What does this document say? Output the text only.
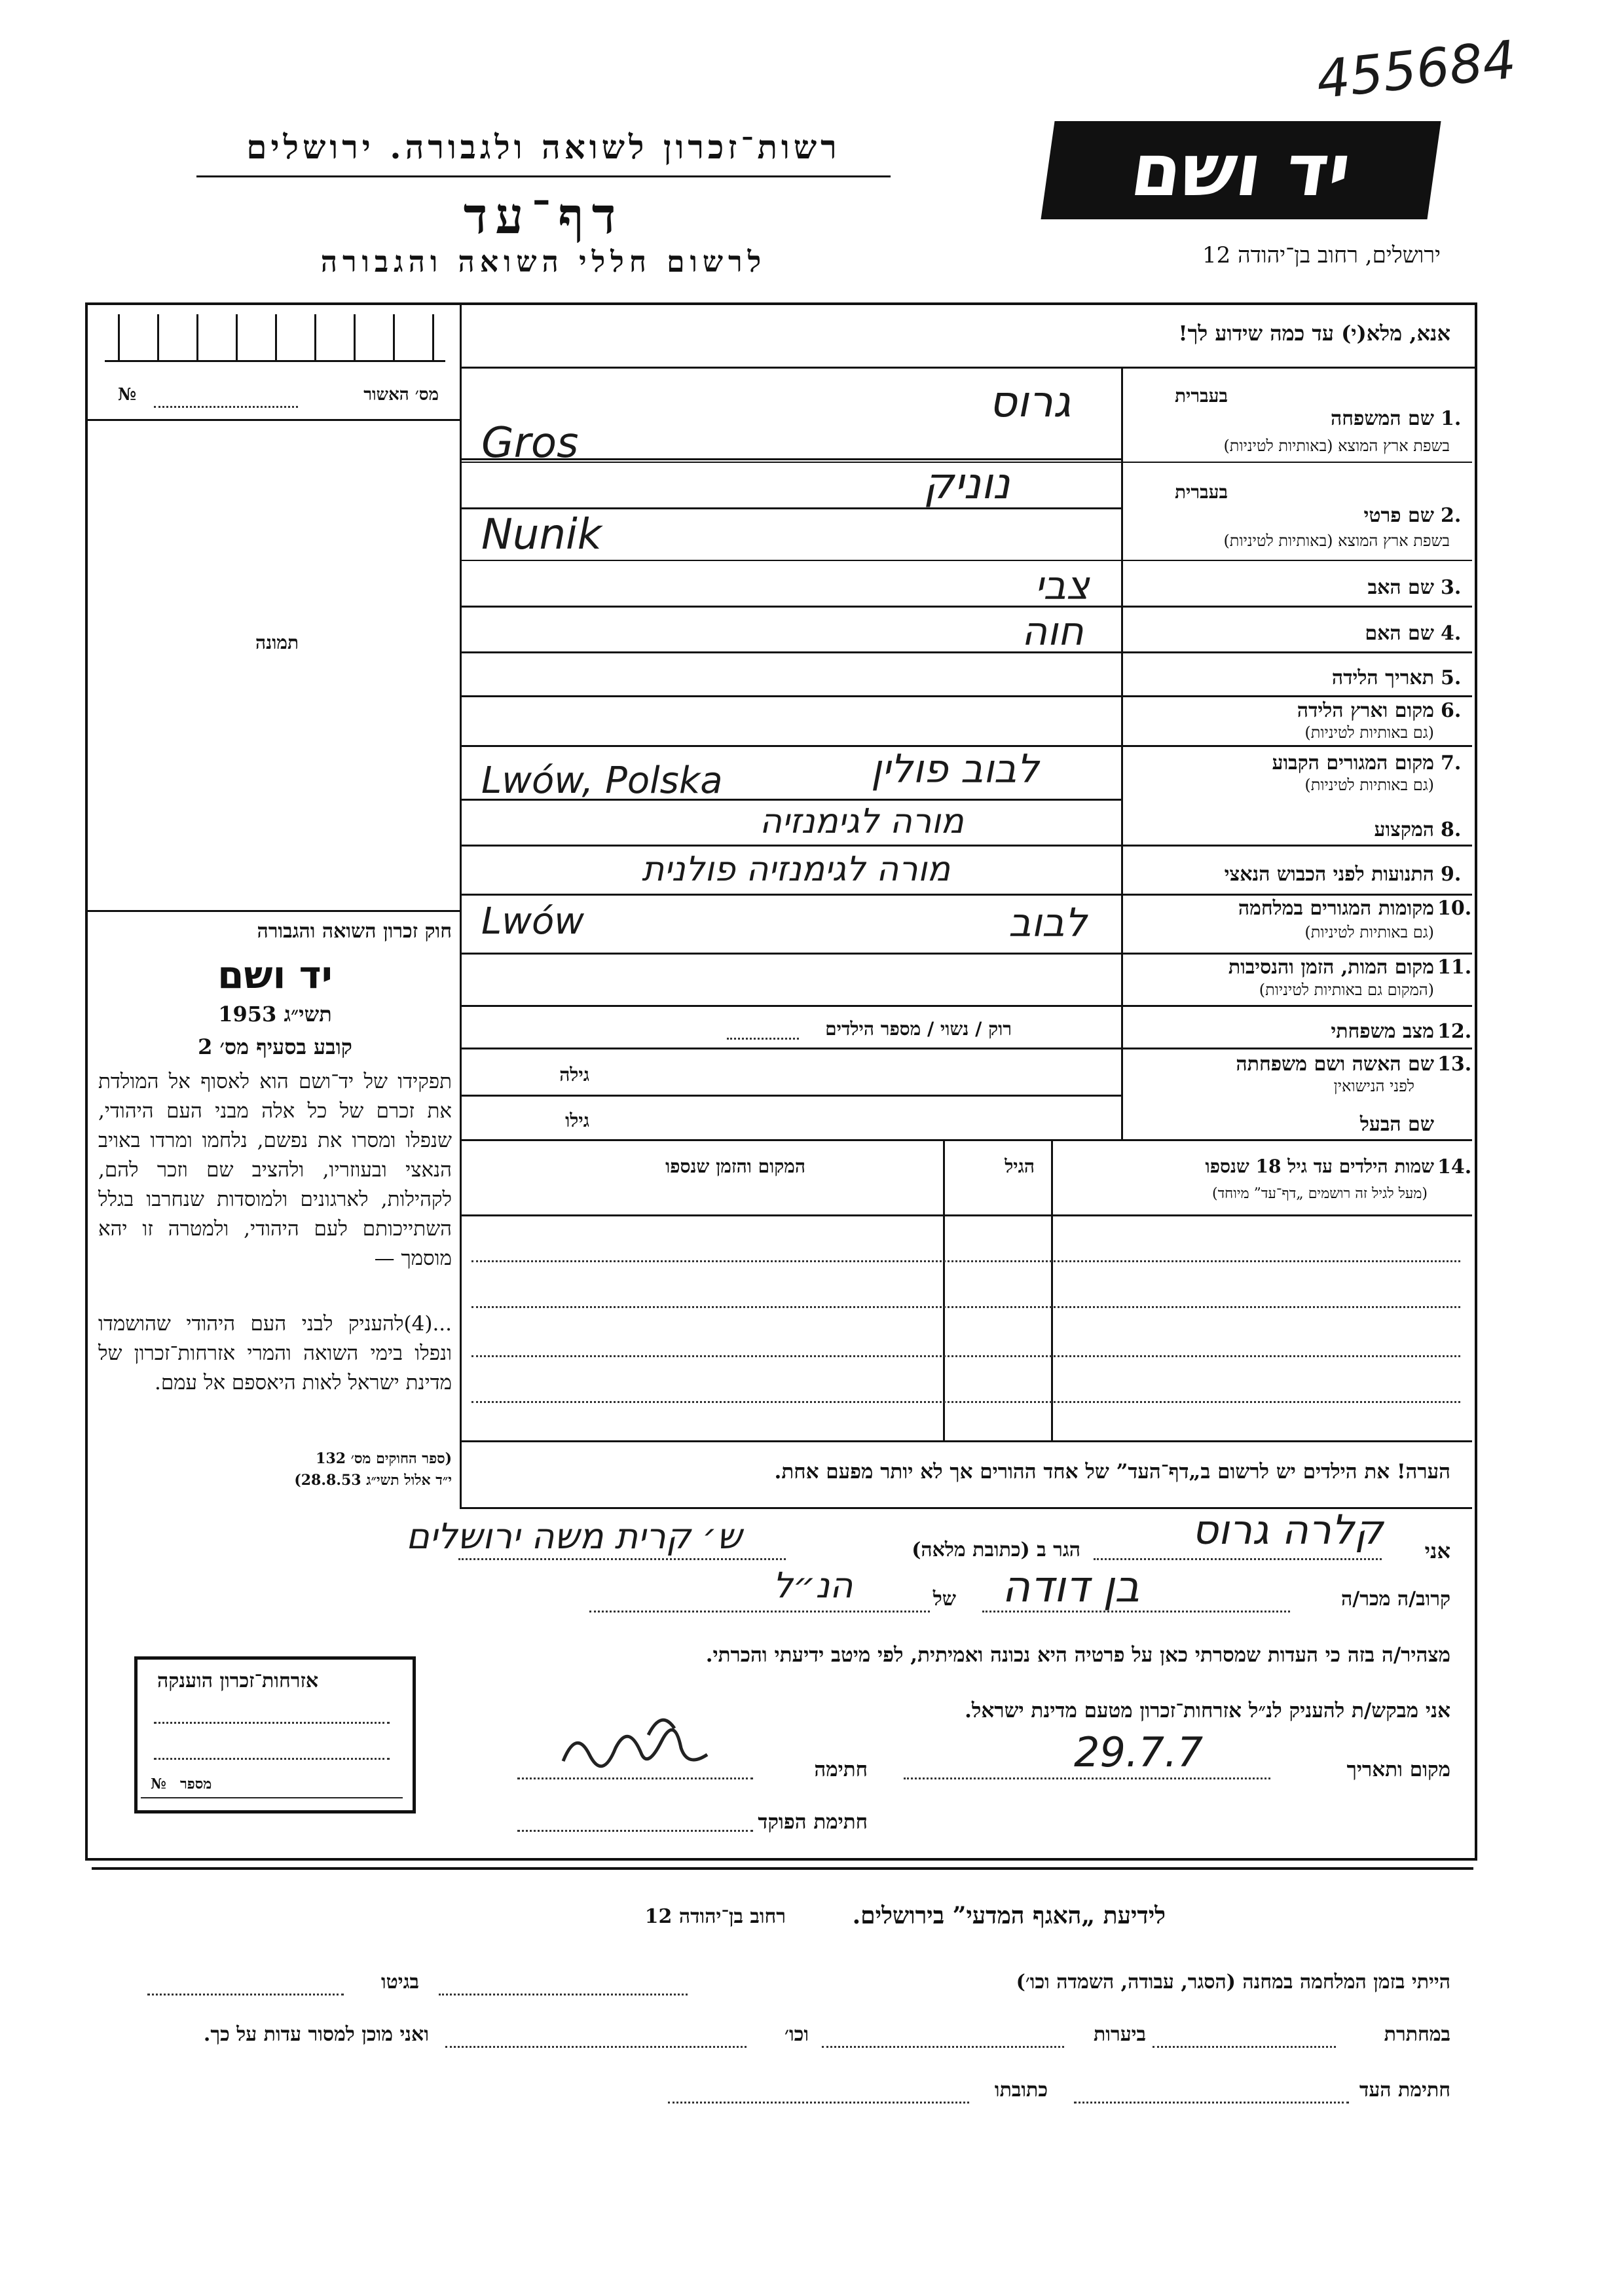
455684
רשות־זכרון לשואה ולגבורה. ירושלים
דף־עד
לרשום חללי השואה והגבורה
יד ושם
ירושלים, רחוב בן־יהודה 12
אנא, מלא(י) עד כמה שידוע לך!
מס׳ האשור
№
תמונה
חוק זכרון השואה והגבורה
יד ושם
תשי״ג 1953
קובע בסעיף מס׳ 2
תפקידו של יד־ושם הוא לאסוף אל המולדת את זכרם של כל אלה מבני העם היהודי, שנפלו ומסרו את נפשם, נלחמו ומרדו באויב הנאצי ובעוזריו, ולהציב שם וזכר להם, לקהילות, לארגונים ולמוסדות שנחרבו בגלל השתייכותם לעם היהודי, ולמטרה זו יהא מוסמך —
...(4)להעניק לבני העם היהודי שהושמדו ונפלו בימי השואה והמרי אזרחות־זכרון של מדינת ישראל לאות היאספם אל עמם.
(ספר החוקים מס׳ 132
י״ד אלול תשי״ג 28.8.53)
1.
שם המשפחה
בשפת ארץ המוצא (באותיות לטיניות)
בעברית
גרוס
Gros
2.
שם פרטי
בשפת ארץ המוצא (באותיות לטיניות)
בעברית
נוניק
Nunik
3.
שם האב
צבי
4.
שם האם
חוה
5.
תאריך הלידה
6.
מקום וארץ הלידה
(גם באותיות לטיניות)
7.
מקום המגורים הקבוע
(גם באותיות לטיניות)
לבוב פולין
Lwów, Polska
8.
המקצוע
מורה לגימנזיה
9.
התנועות לפני הכבוש הנאצי
מורה לגימנזיה פולנית
10.
מקומות המגורים במלחמה
(גם באותיות לטיניות)
לבוב
Lwów
11.
מקום המות, הזמן והנסיבות
(המקום גם באותיות לטיניות)
12.
מצב משפחתי
רוק / נשוי / מספר הילדים
13.
שם האשה ושם משפחתה
לפני הנישואין
גילה
שם הבעל
גילו
14.
שמות הילדים עד גיל 18 שנספו
(מעל לגיל זה רושמים „דף־עד” מיוחד)
הגיל
המקום והזמן שנספו
הערה! את הילדים יש לרשום ב„דף־העד” של אחד ההורים אך לא יותר מפעם אחת.
אני
קלרה גרוס
הגר ב (כתובת מלאה)
ש׳ קרית משה ירושלים
קרוב/ה מכר/ה
בן דודה
של
הנ״ל
מצהיר/ה בזה כי העדות שמסרתי כאן על פרטיה היא נכונה ואמיתית, לפי מיטב ידיעתי והכרתי.
אני מבקש/ת להעניק לנ״ל אזרחות־זכרון מטעם מדינת ישראל.
מקום ותאריך
29.7.7
חתימה
חתימת הפוקד
אזרחות־זכרון הוענקה
מספר
№
לידיעת „האגף המדעי” בירושלים.
רחוב בן־יהודה 12
הייתי בזמן המלחמה במחנה (הסגר, עבודה, השמדה וכו׳)
בגיטו
במחתרת
ביערות
וכו׳
ואני מוכן למסור עדות על כך.
חתימת העד
כתובתו
